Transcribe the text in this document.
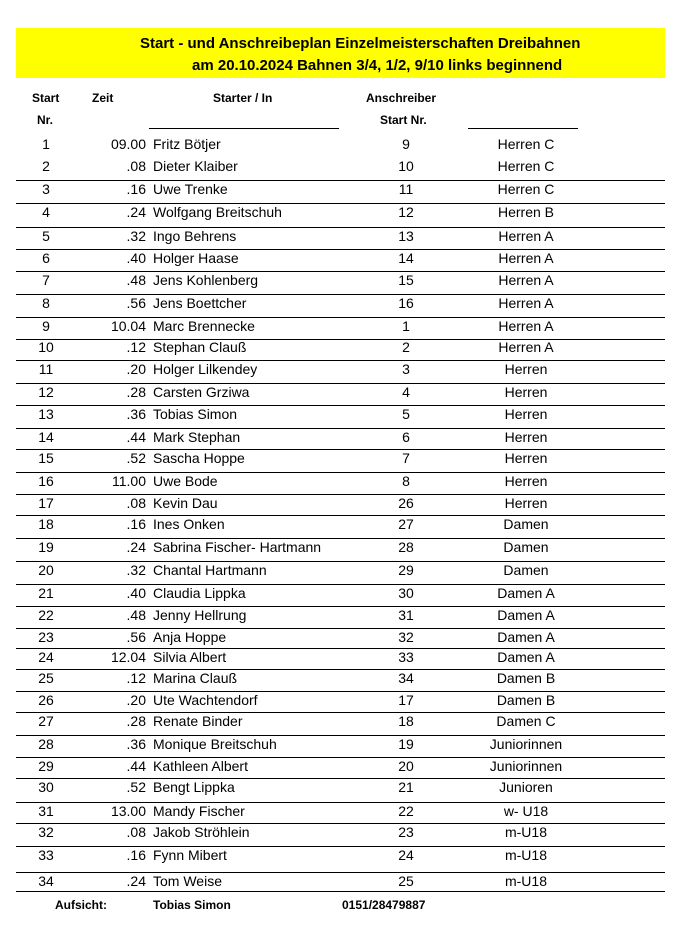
Start - und Anschreibeplan Einzelmeisterschaften Dreibahnen
am 20.10.2024 Bahnen 3/4, 1/2, 9/10 links beginnend
Start
Nr.
Zeit	Starter / In	Anschreiber
Start Nr.
1	09.00 Fritz Bötjer	9	Herren C
2	.08 Dieter Klaiber	10	Herren C
3	.16 Uwe Trenke	11	Herren C
4	.24 Wolfgang Breitschuh	12	Herren B
5	.32 Ingo Behrens	13	Herren A
6	.40 Holger Haase	14	Herren A
7	.48 Jens Kohlenberg	15	Herren A
8	.56 Jens Boettcher	16	Herren A
9	10.04 Marc Brennecke	1	Herren A
10	.12 Stephan Clauß	2	Herren A
11	.20 Holger Lilkendey	3	Herren
12	.28 Carsten Grziwa	4	Herren
13	.36 Tobias Simon	5	Herren
14	.44 Mark Stephan	6	Herren
15	.52 Sascha Hoppe	7	Herren
16	11.00 Uwe Bode	8	Herren
17	.08 Kevin Dau	26	Herren
18	.16 Ines Onken	27	Damen
19	.24 Sabrina Fischer- Hartmann	28	Damen
20	.32 Chantal Hartmann	29	Damen
21	.40 Claudia Lippka	30	Damen A
22	.48 Jenny Hellrung	31	Damen A
23	.56 Anja Hoppe	32	Damen A
24	12.04 Silvia Albert	33	Damen A
25	.12 Marina Clauß	34	Damen B
26	.20 Ute Wachtendorf	17	Damen B
27	.28 Renate Binder	18	Damen C
28	.36 Monique Breitschuh	19	Juniorinnen
29	.44 Kathleen Albert	20	Juniorinnen
30	.52 Bengt Lippka	21	Junioren
31	13.00 Mandy Fischer	22	w- U18
32	.08 Jakob Ströhlein	23	m-U18
33	.16 Fynn Mibert	24	m-U18
34	.24 Tom Weise	25	m-U18
Aufsicht:	Tobias Simon	0151/28479887
